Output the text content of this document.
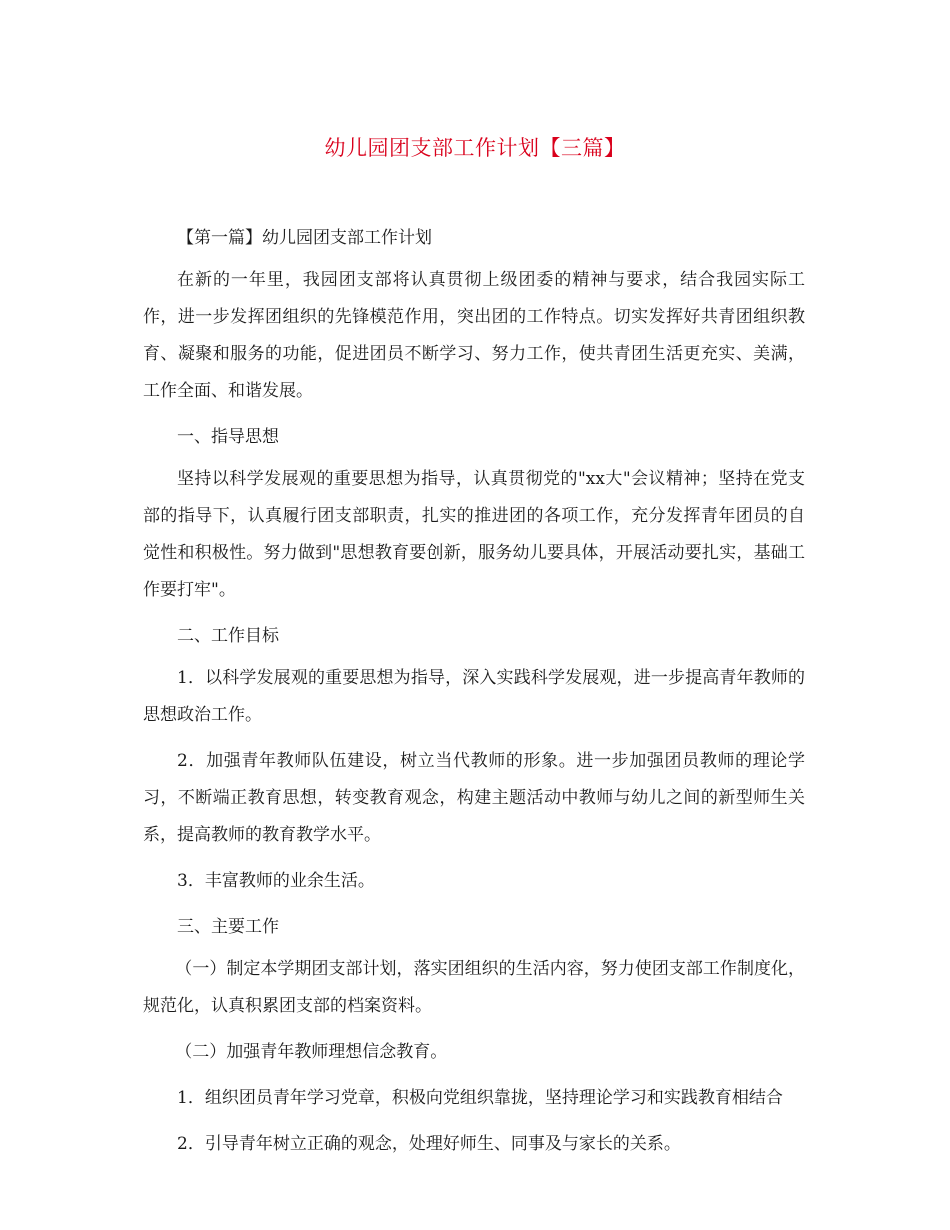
幼儿园团支部工作计划【三篇】

【第一篇】幼儿园团支部工作计划

在新的一年里，我园团支部将认真贯彻上级团委的精神与要求，结合我园实际工作，进一步发挥团组织的先锋模范作用，突出团的工作特点。切实发挥好共青团组织教育、凝聚和服务的功能，促进团员不断学习、努力工作，使共青团生活更充实、美满，工作全面、和谐发展。

一、指导思想

坚持以科学发展观的重要思想为指导，认真贯彻党的"xx大"会议精神；坚持在党支部的指导下，认真履行团支部职责，扎实的推进团的各项工作，充分发挥青年团员的自觉性和积极性。努力做到"思想教育要创新，服务幼儿要具体，开展活动要扎实，基础工作要打牢"。

二、工作目标

1．以科学发展观的重要思想为指导，深入实践科学发展观，进一步提高青年教师的思想政治工作。

2．加强青年教师队伍建设，树立当代教师的形象。进一步加强团员教师的理论学习，不断端正教育思想，转变教育观念，构建主题活动中教师与幼儿之间的新型师生关系，提高教师的教育教学水平。

3．丰富教师的业余生活。

三、主要工作

（一）制定本学期团支部计划，落实团组织的生活内容，努力使团支部工作制度化，规范化，认真积累团支部的档案资料。

（二）加强青年教师理想信念教育。

1．组织团员青年学习党章，积极向党组织靠拢，坚持理论学习和实践教育相结合

2．引导青年树立正确的观念，处理好师生、同事及与家长的关系。
